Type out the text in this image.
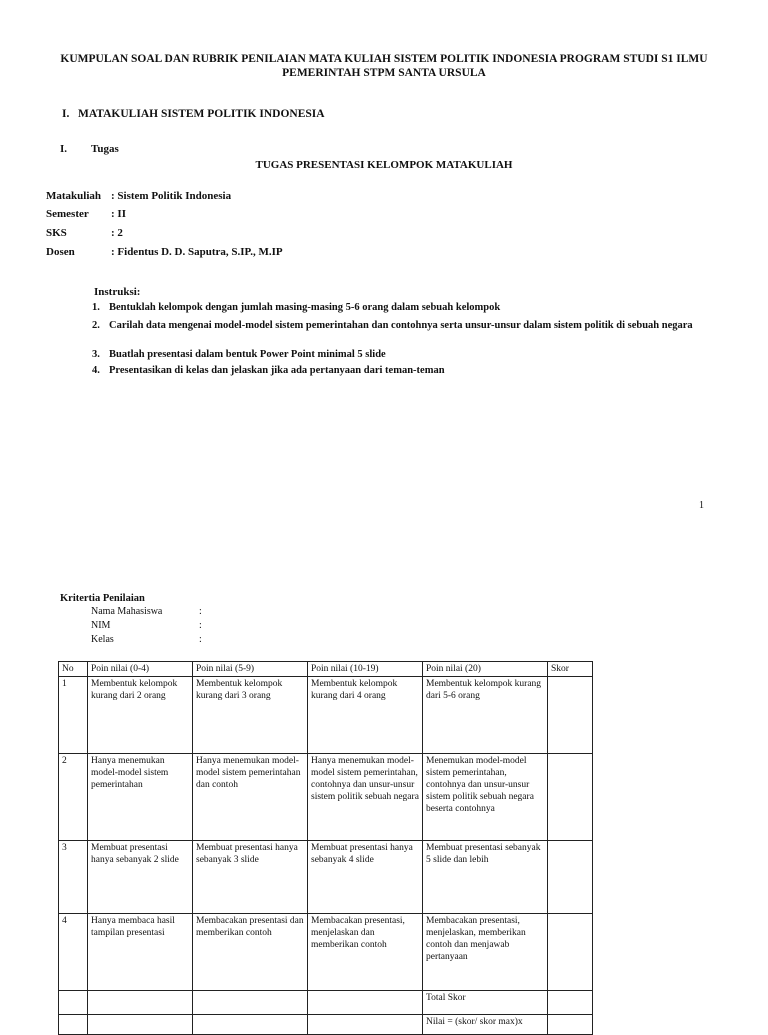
KUMPULAN SOAL DAN RUBRIK PENILAIAN MATA KULIAH SISTEM POLITIK INDONESIA PROGRAM STUDI S1 ILMU PEMERINTAH STPM SANTA URSULA
I. MATAKULIAH SISTEM POLITIK INDONESIA
I. Tugas
TUGAS PRESENTASI KELOMPOK MATAKULIAH
Matakuliah : Sistem Politik Indonesia
Semester : II
SKS	: 2
Dosen	: Fidentus D. D. Saputra, S.IP., M.IP
Instruksi:
1. Bentuklah kelompok dengan jumlah masing-masing 5-6 orang dalam sebuah kelompok
2. Carilah data mengenai model-model sistem pemerintahan dan contohnya serta unsur-unsur dalam sistem politik di sebuah negara
3. Buatlah presentasi dalam bentuk Power Point minimal 5 slide
4. Presentasikan di kelas dan jelaskan jika ada pertanyaan dari teman-teman
1
Kritertia Penilaian
Nama Mahasiswa	:
NIM	:
Kelas	:
No	Poin nilai (0-4)	Poin nilai (5-9)	Poin nilai (10-19)	Poin nilai (20)	Skor
1	Membentuk kelompok kurang dari 2 orang	Membentuk kelompok kurang dari 3 orang	Membentuk kelompok kurang dari 4 orang	Membentuk kelompok kurang dari 5-6 orang	
2	Hanya menemukan model-model sistem pemerintahan	Hanya menemukan model-model sistem pemerintahan dan contoh	Hanya menemukan model-model sistem pemerintahan, contohnya dan unsur-unsur sistem politik sebuah negara	Menemukan model-model sistem pemerintahan, contohnya dan unsur-unsur sistem politik sebuah negara beserta contohnya	
3	Membuat presentasi hanya sebanyak 2 slide	Membuat presentasi hanya sebanyak 3 slide	Membuat presentasi hanya sebanyak 4 slide	Membuat presentasi sebanyak 5 slide dan lebih	
4	Hanya membaca hasil tampilan presentasi	Membacakan presentasi dan memberikan contoh	Membacakan presentasi, menjelaskan dan memberikan contoh	Membacakan presentasi, menjelaskan, memberikan contoh dan menjawab pertanyaan	
				Total Skor	
				Nilai = (skor/ skor max)x	
